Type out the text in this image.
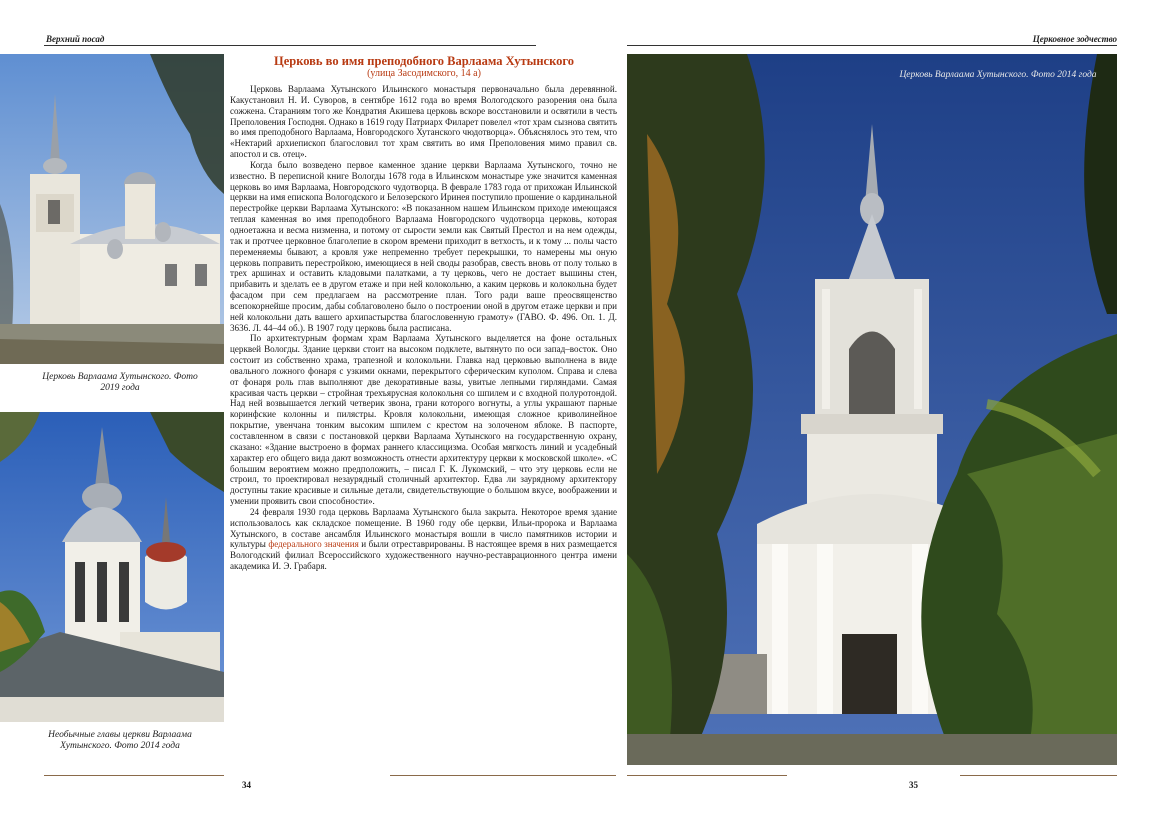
Верхний посад	Церковное зодчество
Церковь Варлаама Хутынского. Фото 2019 года
Необычные главы церкви Варлаама Хутынского. Фото 2014 года
Церковь во имя преподобного Варлаама Хутынского
(улица Засодимского, 14 а)

Церковь Варлаама Хутынского Ильинского монастыря первоначально была деревянной. Какустановил Н. И. Суворов, в сентябре 1612 года во время Вологодского разорения она была сожжена. Стараниям того же Кондратия Акишева церковь вскоре восстановили и освятили в честь Преполовения Господня. Однако в 1619 году Патриарх Филарет повелел «тот храм сызнова святить во имя преподобного Варлаама, Новгородского Хутанского чюдотворца». Объяснялось это тем, что «Нектарий архиепископ благословил тот храм святить во имя Преполовения мимо правил св. апостол и св. отец».

Когда было возведено первое каменное здание церкви Варлаама Хутынского, точно не известно. В переписной книге Вологды 1678 года в Ильинском монастыре уже значится каменная церковь во имя Варлаама, Новгородского чудотворца. В феврале 1783 года от прихожан Ильинской церкви на имя епископа Вологодского и Белозерского Иринея поступило прошение о кардинальной перестройке церкви Варлаама Хутынского: «В показанном нашем Ильинском приходе имеющаяся теплая каменная во имя преподобного Варлаама Новгородского чудотворца церковь, которая одноетажна и весма низменна, и потому от сырости земли как Святый Престол и на нем одежды, так и протчее церковное благолепие в скором времени приходит в ветхость, и к тому ... полы часто переменяемы бывают, а кровля уже непременно требует перекрышки, то намерены мы оную церковь поправить перестройкою, имеющиеся в ней своды разобрав, свесть вновь от полу только в трех аршинах и оставить кладовыми палатками, а ту церковь, чего не достает вышины стен, прибавить и зделать ее в другом етаже и при ней колокольню, а каким церковь и колокольна будет фасадом при сем предлагаем на рассмотрение план. Того ради ваше преосвященство всепокорнейше просим, дабы соблаговолено было о построении оной в другом етаже церкви и при ней колокольни дать вашего архипастырства благословенную грамоту» (ГАВО. Ф. 496. Оп. 1. Д. 3636. Л. 44–44 об.). В 1907 году церковь была расписана.

По архитектурным формам храм Варлаама Хутынского выделяется на фоне остальных церквей Вологды. Здание церкви стоит на высоком подклете, вытянуто по оси запад–восток. Оно состоит из собственно храма, трапезной и колокольни. Главка над церковью выполнена в виде овального ложного фонаря с узкими окнами, перекрытого сферическим куполом. Справа и слева от фонаря роль глав выполняют две декоративные вазы, увитые лепными гирляндами. Самая красивая часть церкви – стройная трехъярусная колокольня со шпилем и с входной полуротондой. Над ней возвышается легкий четверик звона, грани которого вогнуты, а углы украшают парные коринфские колонны и пилястры. Кровля колокольни, имеющая сложное криволинейное покрытие, увенчана тонким высоким шпилем с крестом на золоченом яблоке. В паспорте, составленном в связи с постановкой церкви Варлаама Хутынского на государственную охрану, сказано: «Здание выстроено в формах раннего классицизма. Особая мягкость линий и усадебный характер его общего вида дают возможность отнести архитектуру церкви к московской школе». «С большим вероятием можно предположить, – писал Г. К. Лукомский, – что эту церковь если не строил, то проектировал незаурядный столичный архитектор. Едва ли заурядному архитектору доступны такие красивые и сильные детали, свидетельствующие о большом вкусе, воображении и умении проявить свои способности».

24 февраля 1930 года церковь Варлаама Хутынского была закрыта. Некоторое время здание использовалось как складское помещение. В 1960 году обе церкви, Ильи-пророка и Варлаама Хутынского, в составе ансамбля Ильинского монастыря вошли в число памятников истории и культуры федерального значения и были отреставрированы. В настоящее время в них размещается Вологодский филиал Всероссийского художественного научно-реставрационного центра имени академика И. Э. Грабаря.

Церковь Варлаама Хутынского. Фото 2014 года
34	35
